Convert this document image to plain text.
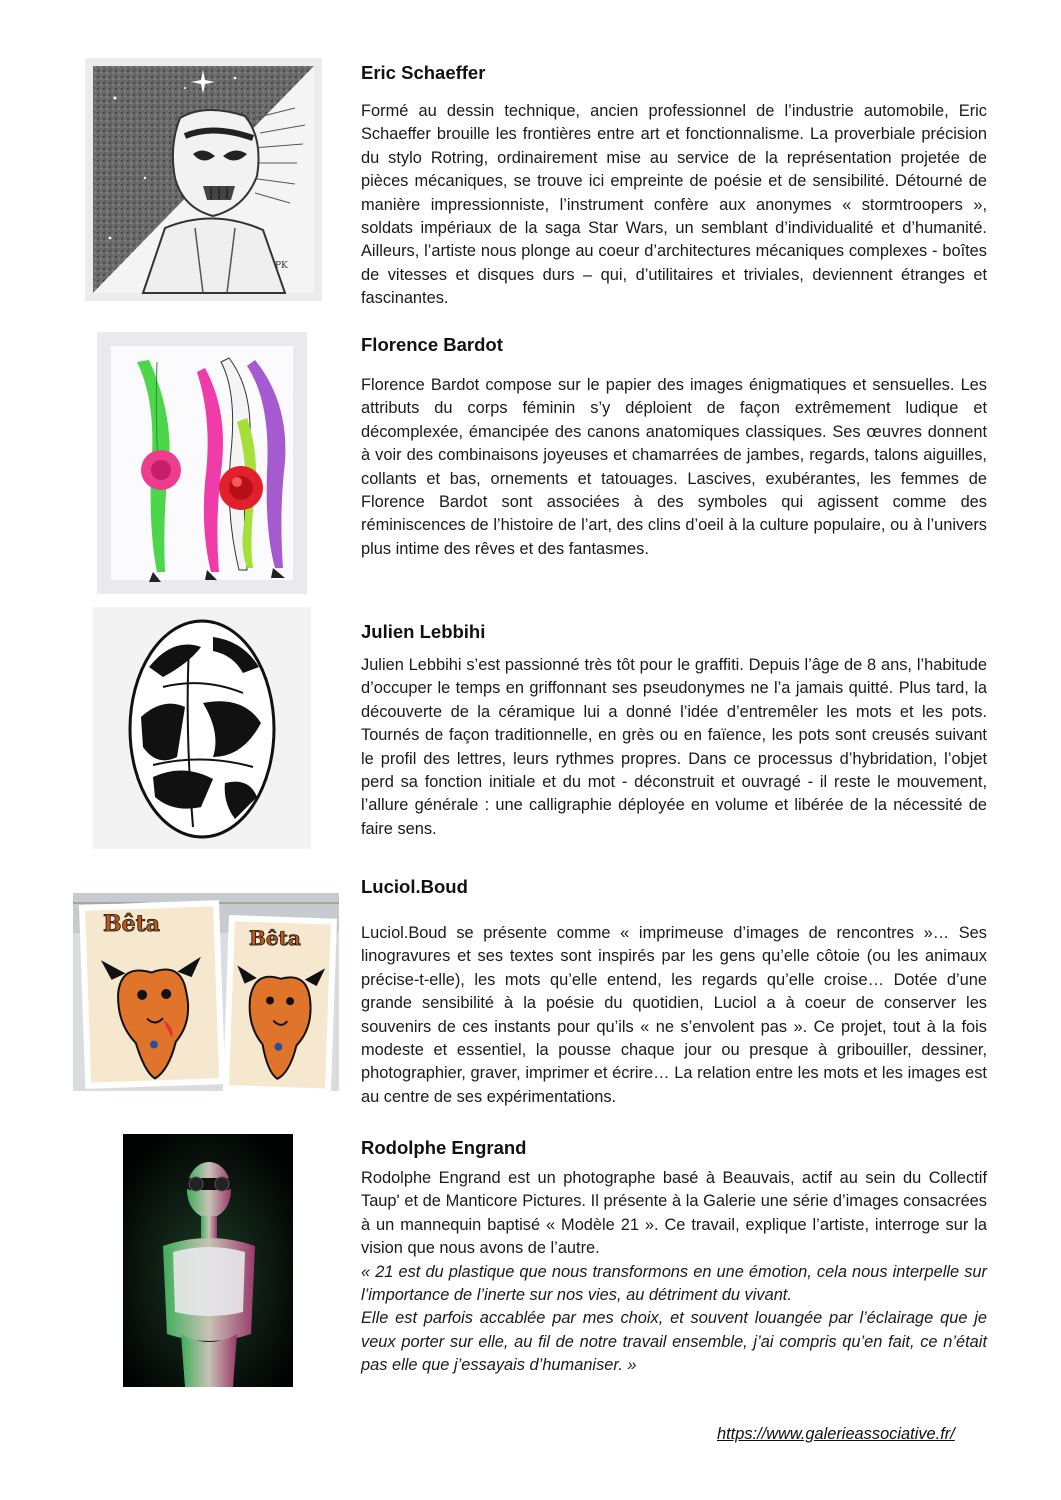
PK
Eric Schaeffer

Formé au dessin technique, ancien professionnel de l’industrie automobile, Eric Schaeffer brouille les frontières entre art et fonctionnalisme. La proverbiale précision du stylo Rotring, ordinairement mise au service de la représentation projetée de pièces mécaniques, se trouve ici empreinte de poésie et de sensibilité. Détourné de manière impressionniste, l’instrument confère aux anonymes « stormtroopers », soldats impériaux de la saga Star Wars, un semblant d’individualité et d’humanité. Ailleurs, l’artiste nous plonge au coeur d’architectures mécaniques complexes - boîtes de vitesses et disques durs – qui, d’utilitaires et triviales, deviennent étranges et fascinantes.

Florence Bardot

Florence Bardot compose sur le papier des images énigmatiques et sensuelles. Les attributs du corps féminin s’y déploient de façon extrêmement ludique et décomplexée, émancipée des canons anatomiques classiques. Ses œuvres donnent à voir des combinaisons joyeuses et chamarrées de jambes, regards, talons aiguilles, collants et bas, ornements et tatouages. Lascives, exubérantes, les femmes de Florence Bardot sont associées à des symboles qui agissent comme des réminiscences de l’histoire de l’art, des clins d’oeil à la culture populaire, ou à l’univers plus intime des rêves et des fantasmes.

Julien Lebbihi

Julien Lebbihi s’est passionné très tôt pour le graffiti. Depuis l’âge de 8 ans, l’habitude d’occuper le temps en griffonnant ses pseudonymes ne l’a jamais quitté. Plus tard, la découverte de la céramique lui a donné l’idée d’entremêler les mots et les pots. Tournés de façon traditionnelle, en grès ou en faïence, les pots sont creusés suivant le profil des lettres, leurs rythmes propres. Dans ce processus d’hybridation, l’objet perd sa fonction initiale et du mot - déconstruit et ouvragé - il reste le mouvement, l’allure générale : une calligraphie déployée en volume et libérée de la nécessité de faire sens.

Bêta
Bêta
Luciol.Boud

Luciol.Boud se présente comme « imprimeuse d’images de rencontres »… Ses linogravures et ses textes sont inspirés par les gens qu’elle côtoie (ou les animaux précise-t-elle), les mots qu’elle entend, les regards qu’elle croise… Dotée d’une grande sensibilité à la poésie du quotidien, Luciol a à coeur de conserver les souvenirs de ces instants pour qu’ils « ne s’envolent pas ». Ce projet, tout à la fois modeste et essentiel, la pousse chaque jour ou presque à gribouiller, dessiner, photographier, graver, imprimer et écrire… La relation entre les mots et les images est au centre de ses expérimentations.

Rodolphe Engrand

Rodolphe Engrand est un photographe basé à Beauvais, actif au sein du Collectif Taup' et de Manticore Pictures. Il présente à la Galerie une série d’images consacrées à un mannequin baptisé « Modèle 21 ». Ce travail, explique l’artiste, interroge sur la vision que nous avons de l’autre.

« 21 est du plastique que nous transformons en une émotion, cela nous interpelle sur l’importance de l’inerte sur nos vies, au détriment du vivant.

Elle est parfois accablée par mes choix, et souvent louangée par l’éclairage que je veux porter sur elle, au fil de notre travail ensemble, j’ai compris qu’en fait, ce n’était pas elle que j’essayais d’humaniser. »

https://www.galerieassociative.fr/
